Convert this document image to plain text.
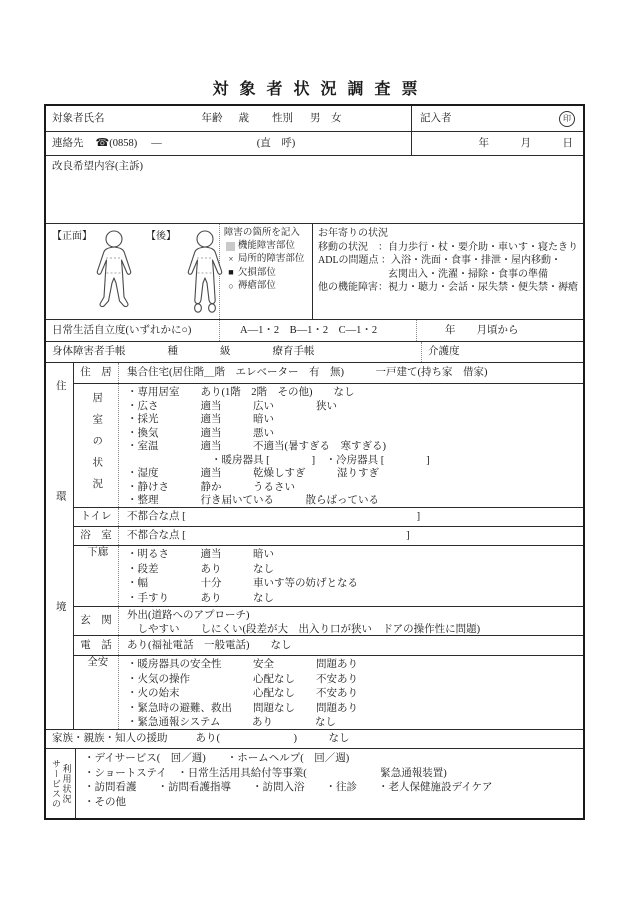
対象者状況調査票
対象者氏名	年齢 歳 性別 男　女	記入者	印
連絡先 ☎ (0858) —	(直　呼)	年　　　月　　　日
改良希望内容(主訴)
【正面】	【後】	障害の箇所を記入
機能障害部位
× 局所的障害部位
■ 欠損部位
○ 褥瘡部位
お年寄りの状況
移動の状況　：自力歩行・杖・要介助・車いす・寝たきり
ADLの問題点 ：入浴・洗面・食事・排泄・屋内移動・
　　　　　　　玄関出入・洗濯・掃除・食事の準備
他の機能障害：視力・聴力・会話・尿失禁・便失禁・褥瘡
日常生活自立度(いずれかに○)	A—1・2　B—1・2　C—1・2	年　　月頃から
身体障害者手帳　　　　種　　　　級　　　　療育手帳	介護度
住環境
住　居	集合住宅(居住階＿階　エレベーター　有　無)　　　一戸建て(持ち家　借家)
居室の状況 ・専用居室　　あり(1階　2階　その他)　　なし
・広さ　　　　適当　　　広い　　　　狭い
・採光　　　　適当　　　暗い
・換気　　　　適当　　　悪い
・室温　　　　適当　　　不適当(暑すぎる　寒すぎる)
　　　　　　　　・暖房器具 [　　　　]　・冷房器具 [　　　　]
・湿度　　　　適当　　　乾燥しすぎ　　　湿りすぎ
・静けさ　　　静か　　　うるさい
・整理　　　　行き届いている　　　散らばっている
トイレ	不都合な点 [　　　　　　　　　　　　　　　　　　　　　　]
浴　室	不都合な点 [　　　　　　　　　　　　　　　　　　　　　]
廊下	・明るさ　　　適当　　　暗い
・段差　　　　あり　　　なし
・幅　　　　　十分　　　車いす等の妨げとなる
・手すり　　　あり　　　なし
玄　関	外出(道路へのアプローチ)
　しやすい　　しにくい(段差が大　出入り口が狭い　ドアの操作性に問題)
電　話	あり(福祉電話　一般電話)　　なし
安全	・暖房器具の安全性　　　安全　　　　問題あり
・火気の操作　　　　　　心配なし　　不安あり
・火の始末　　　　　　　心配なし　　不安あり
・緊急時の避難、救出　　問題なし　　問題あり
・緊急通報システム　　　あり　　　　なし
家族・親族・知人の援助	あり(　　　　　　　)　　　なし
サービスの 利用状況
・デイサービス(　回／週)　　・ホームヘルプ(　回／週)
・ショートステイ　・日常生活用具給付等事業(　　　　　　　緊急通報装置)
・訪問看護　　・訪問看護指導　　・訪問入浴　　・往診　　・老人保健施設デイケア
・その他
